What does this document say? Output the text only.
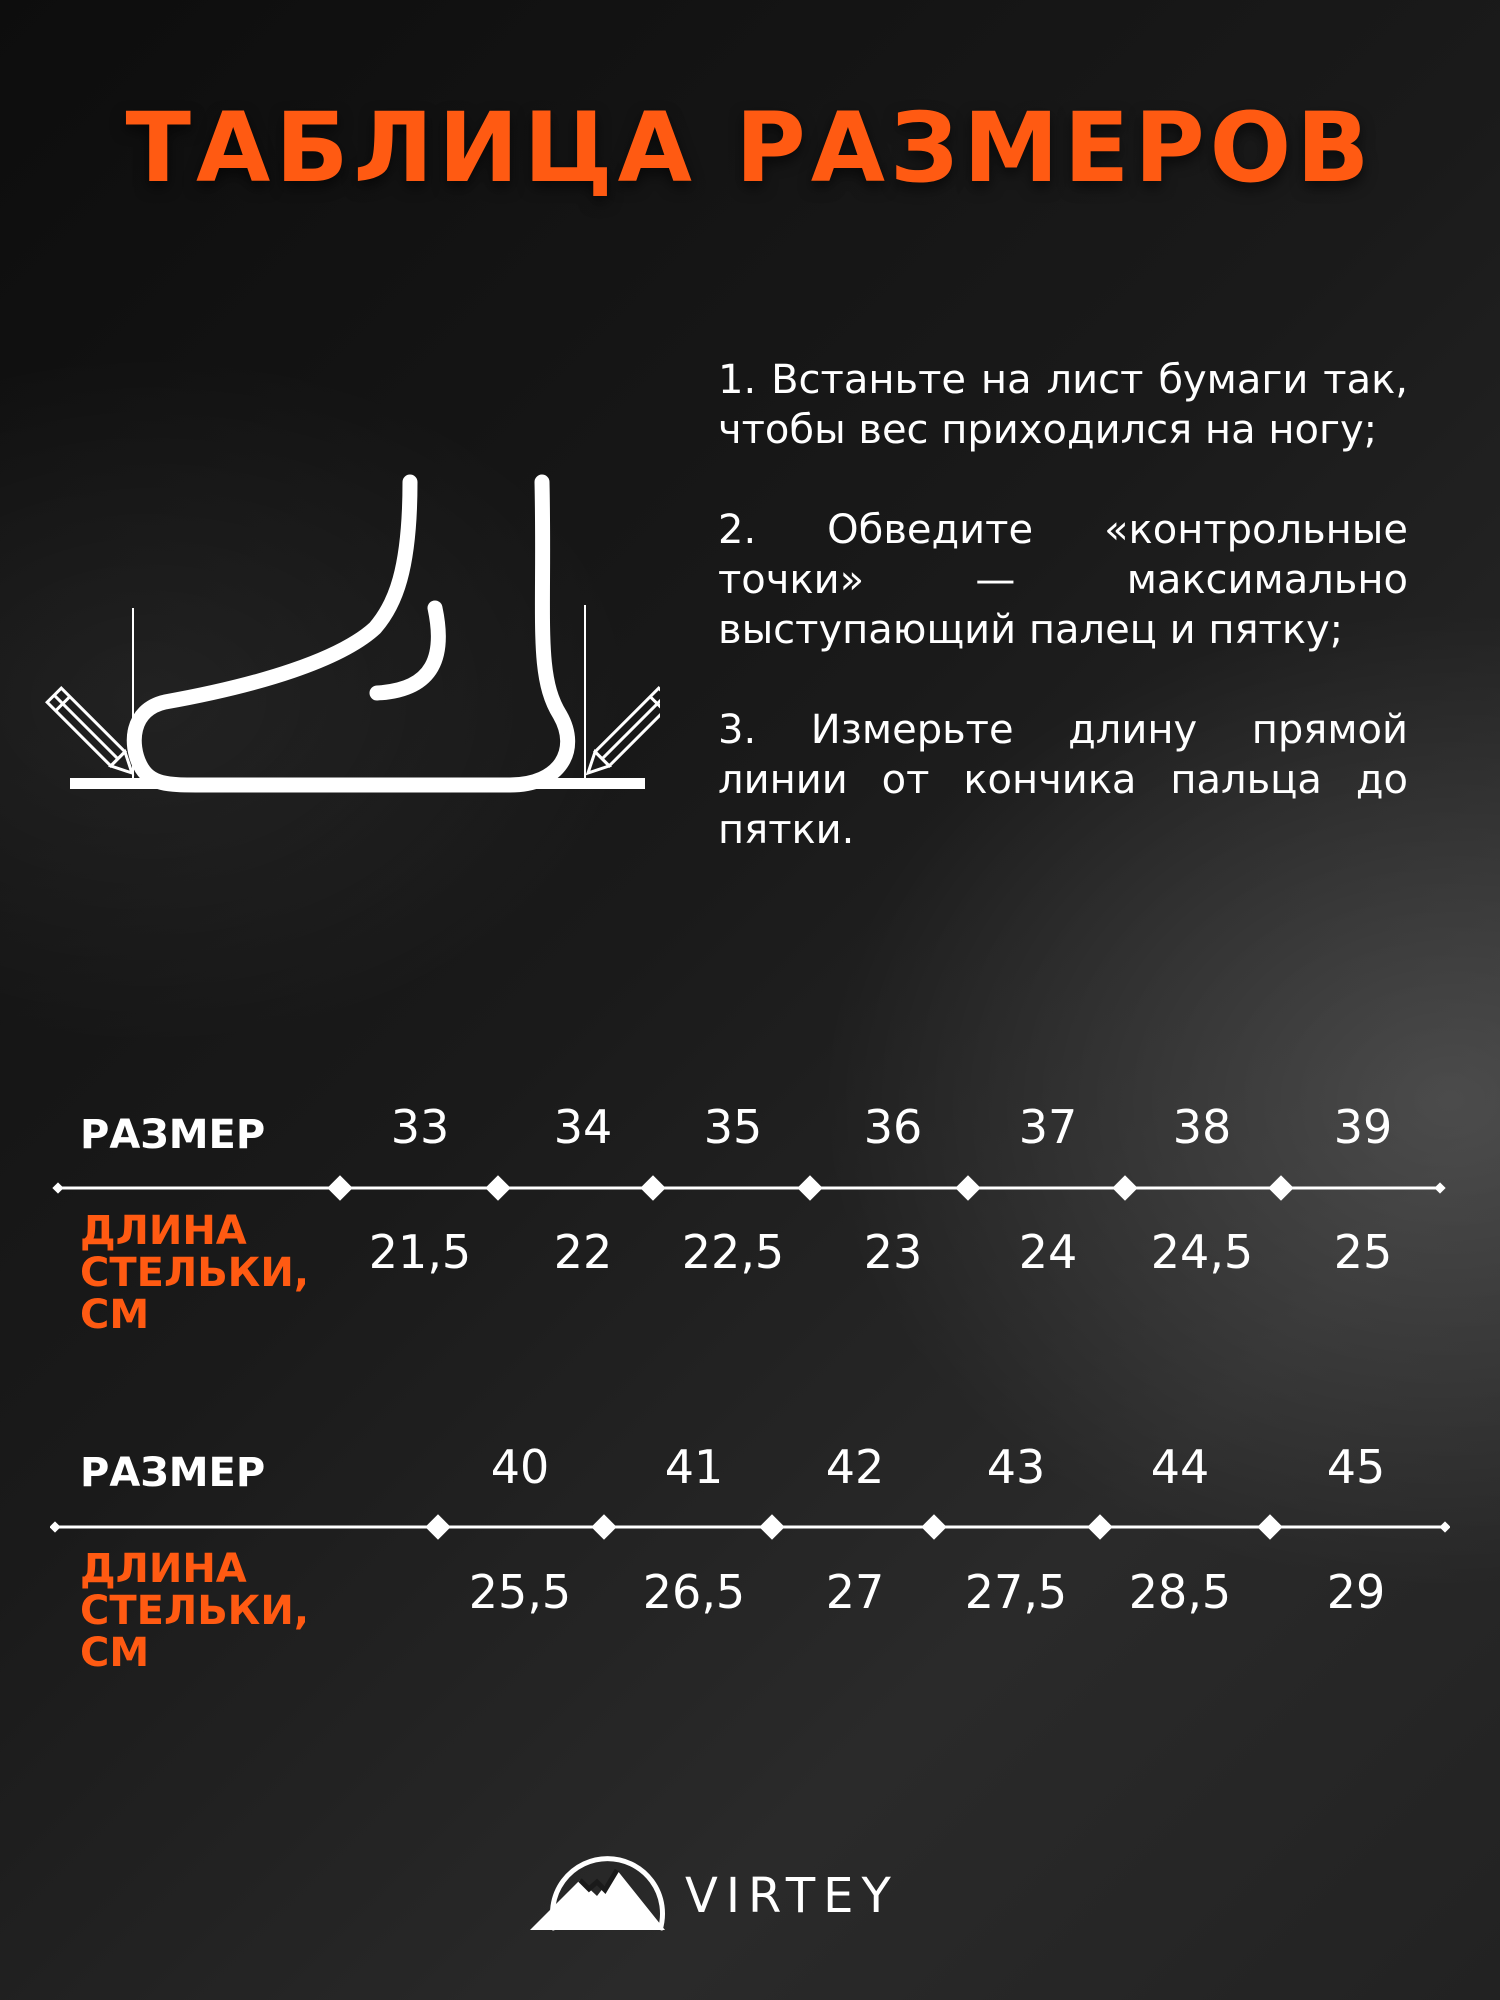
ТАБЛИЦА РАЗМЕРОВ

1. Встаньте на лист бумаги так, чтобы вес приходился на ногу;

2. Обведите «контрольные точки» — максимально выступающий палец и пятку;

3. Измерьте длину прямой линии от кончика пальца до пятки.

РАЗМЕР	33	34	35	36	37	38	39
ДЛИНА
СТЕЛЬКИ,
СМ
21,5	22	22,5	23	24	24,5	25
РАЗМЕР	40	41	42	43	44	45
ДЛИНА
СТЕЛЬКИ,
СМ
25,5	26,5	27	27,5	28,5	29
VIRTEY
